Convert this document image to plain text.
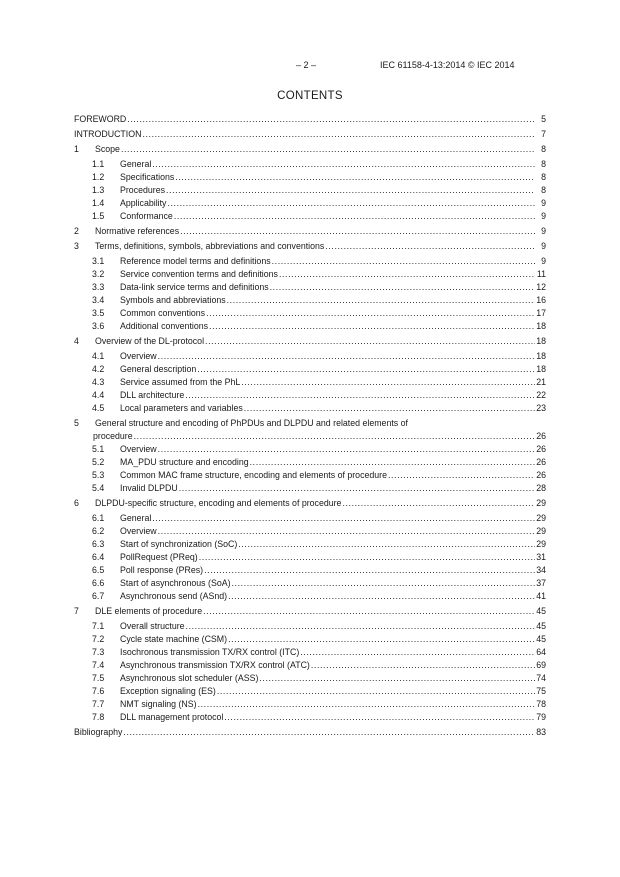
– 2 –	IEC 61158-4-13:2014 © IEC 2014
CONTENTS
FOREWORD .....	5
INTRODUCTION .....	7
1	Scope .....	8
1.1	General .....	8
1.2	Specifications .....	8
1.3	Procedures .....	8
1.4	Applicability .....	9
1.5	Conformance .....	9
2	Normative references .....	9
3	Terms, definitions, symbols, abbreviations and conventions .....	9
3.1	Reference model terms and definitions .....	9
3.2	Service convention terms and definitions .....	11
3.3	Data-link service terms and definitions .....	12
3.4	Symbols and abbreviations .....	16
3.5	Common conventions .....	17
3.6	Additional conventions .....	18
4	Overview of the DL-protocol .....	18
4.1	Overview .....	18
4.2	General description .....	18
4.3	Service assumed from the PhL .....	21
4.4	DLL architecture .....	22
4.5	Local parameters and variables .....	23
5	General structure and encoding of PhPDUs and DLPDU and related elements of
procedure .....	26
5.1	Overview .....	26
5.2	MA_PDU structure and encoding .....	26
5.3	Common MAC frame structure, encoding and elements of procedure .....	26
5.4	Invalid DLPDU .....	28
6	DLPDU-specific structure, encoding and elements of procedure .....	29
6.1	General .....	29
6.2	Overview .....	29
6.3	Start of synchronization (SoC) .....	29
6.4	PollRequest (PReq) .....	31
6.5	Poll response (PRes) .....	34
6.6	Start of asynchronous (SoA) .....	37
6.7	Asynchronous send (ASnd) .....	41
7	DLE elements of procedure .....	45
7.1	Overall structure .....	45
7.2	Cycle state machine (CSM) .....	45
7.3	Isochronous transmission TX/RX control (ITC) .....	64
7.4	Asynchronous transmission TX/RX control (ATC) .....	69
7.5	Asynchronous slot scheduler (ASS) .....	74
7.6	Exception signaling (ES) .....	75
7.7	NMT signaling (NS) .....	78
7.8	DLL management protocol .....	79
Bibliography .....	83
